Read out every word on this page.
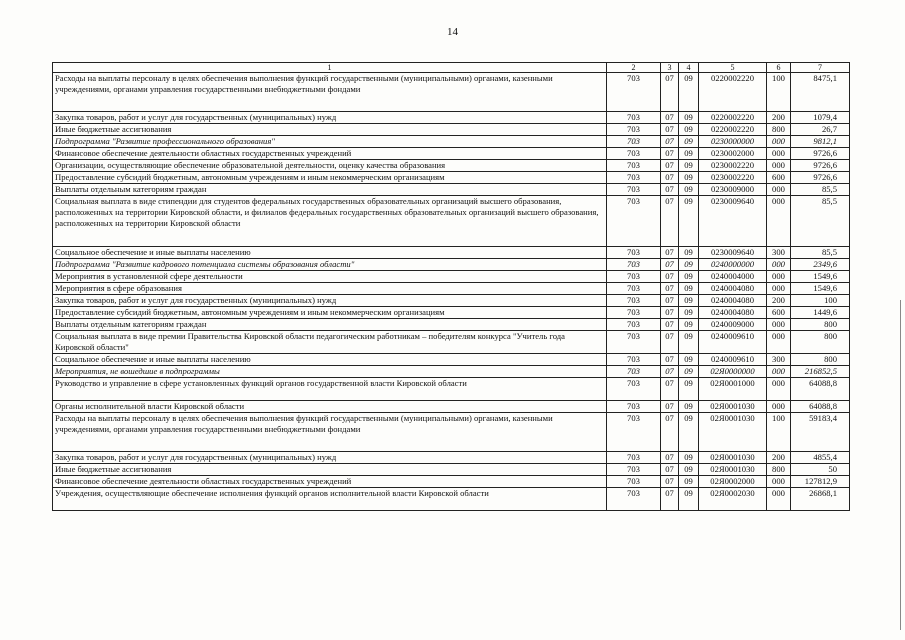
14
1	2	3	4	5	6	7
Расходы на выплаты персоналу в целях обеспечения выполнения функций государственными (муниципальными) органами, казенными учреждениями, органами управления государственными внебюджетными фондами	703	07	09	0220002220	100	8475,1
Закупка товаров, работ и услуг для государственных (муниципальных) нужд	703	07	09	0220002220	200	1079,4
Иные бюджетные ассигнования	703	07	09	0220002220	800	26,7
Подпрограмма "Развитие профессионального образования"	703	07	09	0230000000	000	9812,1
Финансовое обеспечение деятельности областных государственных учреждений	703	07	09	0230002000	000	9726,6
Организации, осуществляющие обеспечение образовательной деятельности, оценку качества образования	703	07	09	0230002220	000	9726,6
Предоставление субсидий бюджетным, автономным учреждениям и иным некоммерческим организациям	703	07	09	0230002220	600	9726,6
Выплаты отдельным категориям граждан	703	07	09	0230009000	000	85,5
Социальная выплата в виде стипендии для студентов федеральных государственных образовательных организаций высшего образования, расположенных на территории Кировской области, и филиалов федеральных государственных образовательных организаций высшего образования, расположенных на территории Кировской области	703	07	09	0230009640	000	85,5
Социальное обеспечение и иные выплаты населению	703	07	09	0230009640	300	85,5
Подпрограмма "Развитие кадрового потенциала системы образования области"	703	07	09	0240000000	000	2349,6
Мероприятия в установленной сфере деятельности	703	07	09	0240004000	000	1549,6
Мероприятия в сфере образования	703	07	09	0240004080	000	1549,6
Закупка товаров, работ и услуг для государственных (муниципальных) нужд	703	07	09	0240004080	200	100
Предоставление субсидий бюджетным, автономным учреждениям и иным некоммерческим организациям	703	07	09	0240004080	600	1449,6
Выплаты отдельным категориям граждан	703	07	09	0240009000	000	800
Социальная выплата в виде премии Правительства Кировской области педагогическим работникам – победителям конкурса "Учитель года Кировской области"	703	07	09	0240009610	000	800
Социальное обеспечение и иные выплаты населению	703	07	09	0240009610	300	800
Мероприятия, не вошедшие в подпрограммы	703	07	09	02Я0000000	000	216852,5
Руководство и управление в сфере установленных функций органов государственной власти Кировской области	703	07	09	02Я0001000	000	64088,8
Органы исполнительной власти Кировской области	703	07	09	02Я0001030	000	64088,8
Расходы на выплаты персоналу в целях обеспечения выполнения функций государственными (муниципальными) органами, казенными учреждениями, органами управления государственными внебюджетными фондами	703	07	09	02Я0001030	100	59183,4
Закупка товаров, работ и услуг для государственных (муниципальных) нужд	703	07	09	02Я0001030	200	4855,4
Иные бюджетные ассигнования	703	07	09	02Я0001030	800	50
Финансовое обеспечение деятельности областных государственных учреждений	703	07	09	02Я0002000	000	127812,9
Учреждения, осуществляющие обеспечение исполнения функций органов исполнительной власти Кировской области	703	07	09	02Я0002030	000	26868,1
